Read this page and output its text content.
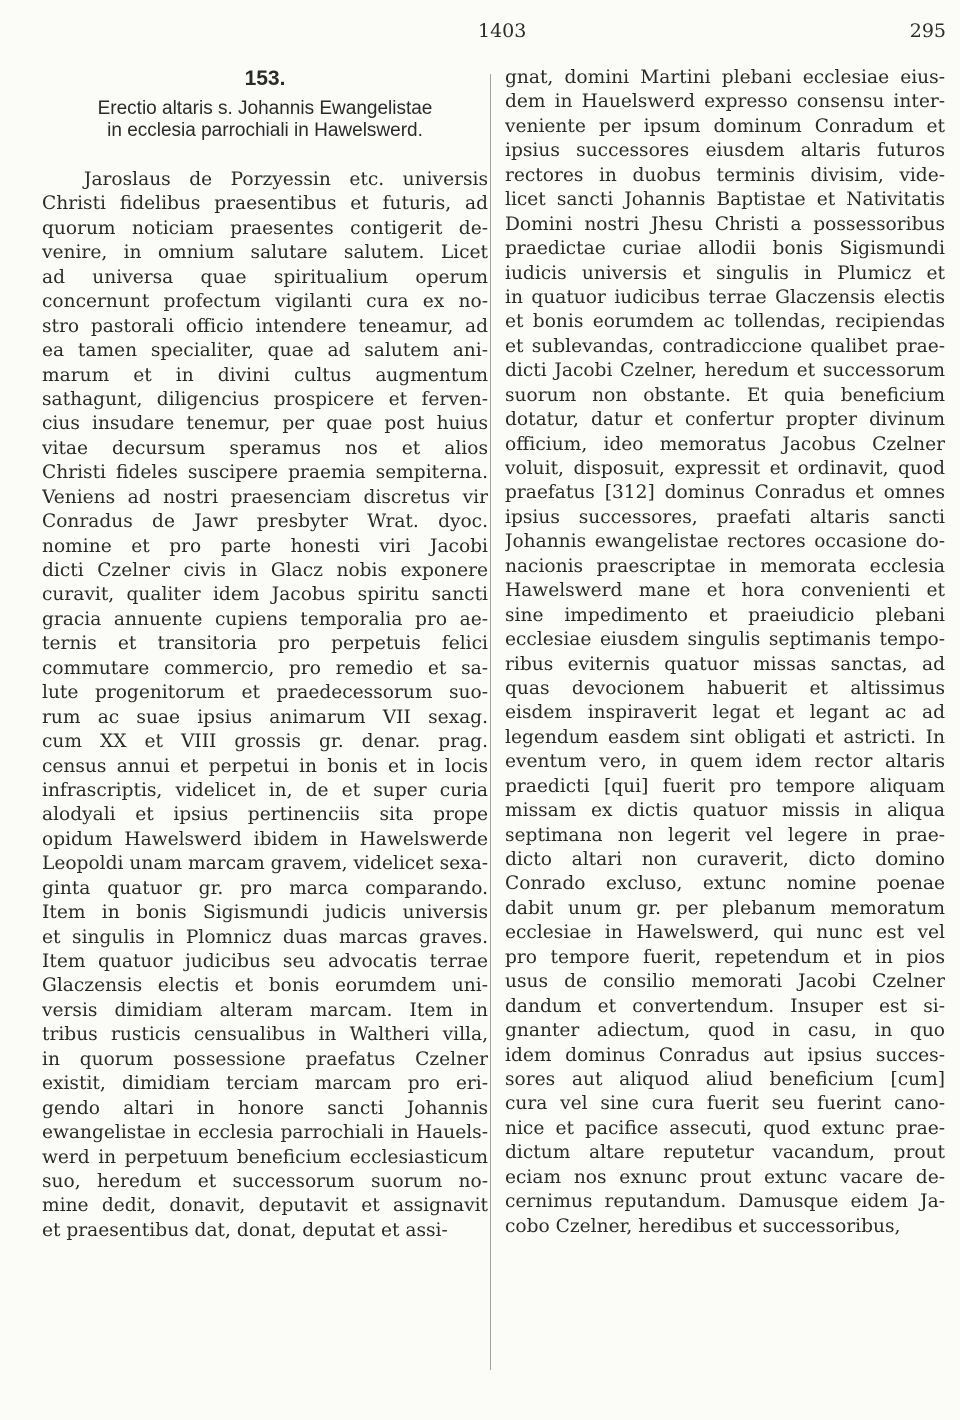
1403	295
153.
Erectio altaris s. Johannis Ewangelistae
in ecclesia parrochiali in Hawelswerd.
Jaroslaus de Porzyessin etc. universis
Christi fidelibus praesentibus et futuris, ad
quorum noticiam praesentes contigerit de-
venire, in omnium salutare salutem. Licet
ad universa quae spiritualium operum
concernunt profectum vigilanti cura ex no-
stro pastorali officio intendere teneamur, ad
ea tamen specialiter, quae ad salutem ani-
marum et in divini cultus augmentum
sathagunt, diligencius prospicere et ferven-
cius insudare tenemur, per quae post huius
vitae decursum speramus nos et alios
Christi fideles suscipere praemia sempiterna.
Veniens ad nostri praesenciam discretus vir
Conradus de Jawr presbyter Wrat. dyoc.
nomine et pro parte honesti viri Jacobi
dicti Czelner civis in Glacz nobis exponere
curavit, qualiter idem Jacobus spiritu sancti
gracia annuente cupiens temporalia pro ae-
ternis et transitoria pro perpetuis felici
commutare commercio, pro remedio et sa-
lute progenitorum et praedecessorum suo-
rum ac suae ipsius animarum VII sexag.
cum XX et VIII grossis gr. denar. prag.
census annui et perpetui in bonis et in locis
infrascriptis, videlicet in, de et super curia
alodyali et ipsius pertinenciis sita prope
opidum Hawelswerd ibidem in Hawelswerde
Leopoldi unam marcam gravem, videlicet sexa-
ginta quatuor gr. pro marca comparando.
Item in bonis Sigismundi judicis universis
et singulis in Plomnicz duas marcas graves.
Item quatuor judicibus seu advocatis terrae
Glaczensis electis et bonis eorumdem uni-
versis dimidiam alteram marcam. Item in
tribus rusticis censualibus in Waltheri villa,
in quorum possessione praefatus Czelner
existit, dimidiam terciam marcam pro eri-
gendo altari in honore sancti Johannis
ewangelistae in ecclesia parrochiali in Hauels-
werd in perpetuum beneficium ecclesiasticum
suo, heredum et successorum suorum no-
mine dedit, donavit, deputavit et assignavit
et praesentibus dat, donat, deputat et assi-
gnat, domini Martini plebani ecclesiae eius-
dem in Hauelswerd expresso consensu inter-
veniente per ipsum dominum Conradum et
ipsius successores eiusdem altaris futuros
rectores in duobus terminis divisim, vide-
licet sancti Johannis Baptistae et Nativitatis
Domini nostri Jhesu Christi a possessoribus
praedictae curiae allodii bonis Sigismundi
iudicis universis et singulis in Plumicz et
in quatuor iudicibus terrae Glaczensis electis
et bonis eorumdem ac tollendas, recipiendas
et sublevandas, contradiccione qualibet prae-
dicti Jacobi Czelner, heredum et successorum
suorum non obstante. Et quia beneficium
dotatur, datur et confertur propter divinum
officium, ideo memoratus Jacobus Czelner
voluit, disposuit, expressit et ordinavit, quod
praefatus [312] dominus Conradus et omnes
ipsius successores, praefati altaris sancti
Johannis ewangelistae rectores occasione do-
nacionis praescriptae in memorata ecclesia
Hawelswerd mane et hora convenienti et
sine impedimento et praeiudicio plebani
ecclesiae eiusdem singulis septimanis tempo-
ribus eviternis quatuor missas sanctas, ad
quas devocionem habuerit et altissimus
eisdem inspiraverit legat et legant ac ad
legendum easdem sint obligati et astricti. In
eventum vero, in quem idem rector altaris
praedicti [qui] fuerit pro tempore aliquam
missam ex dictis quatuor missis in aliqua
septimana non legerit vel legere in prae-
dicto altari non curaverit, dicto domino
Conrado excluso, extunc nomine poenae
dabit unum gr. per plebanum memoratum
ecclesiae in Hawelswerd, qui nunc est vel
pro tempore fuerit, repetendum et in pios
usus de consilio memorati Jacobi Czelner
dandum et convertendum. Insuper est si-
gnanter adiectum, quod in casu, in quo
idem dominus Conradus aut ipsius succes-
sores aut aliquod aliud beneficium [cum]
cura vel sine cura fuerit seu fuerint cano-
nice et pacifice assecuti, quod extunc prae-
dictum altare reputetur vacandum, prout
eciam nos exnunc prout extunc vacare de-
cernimus reputandum. Damusque eidem Ja-
cobo Czelner, heredibus et successoribus,
